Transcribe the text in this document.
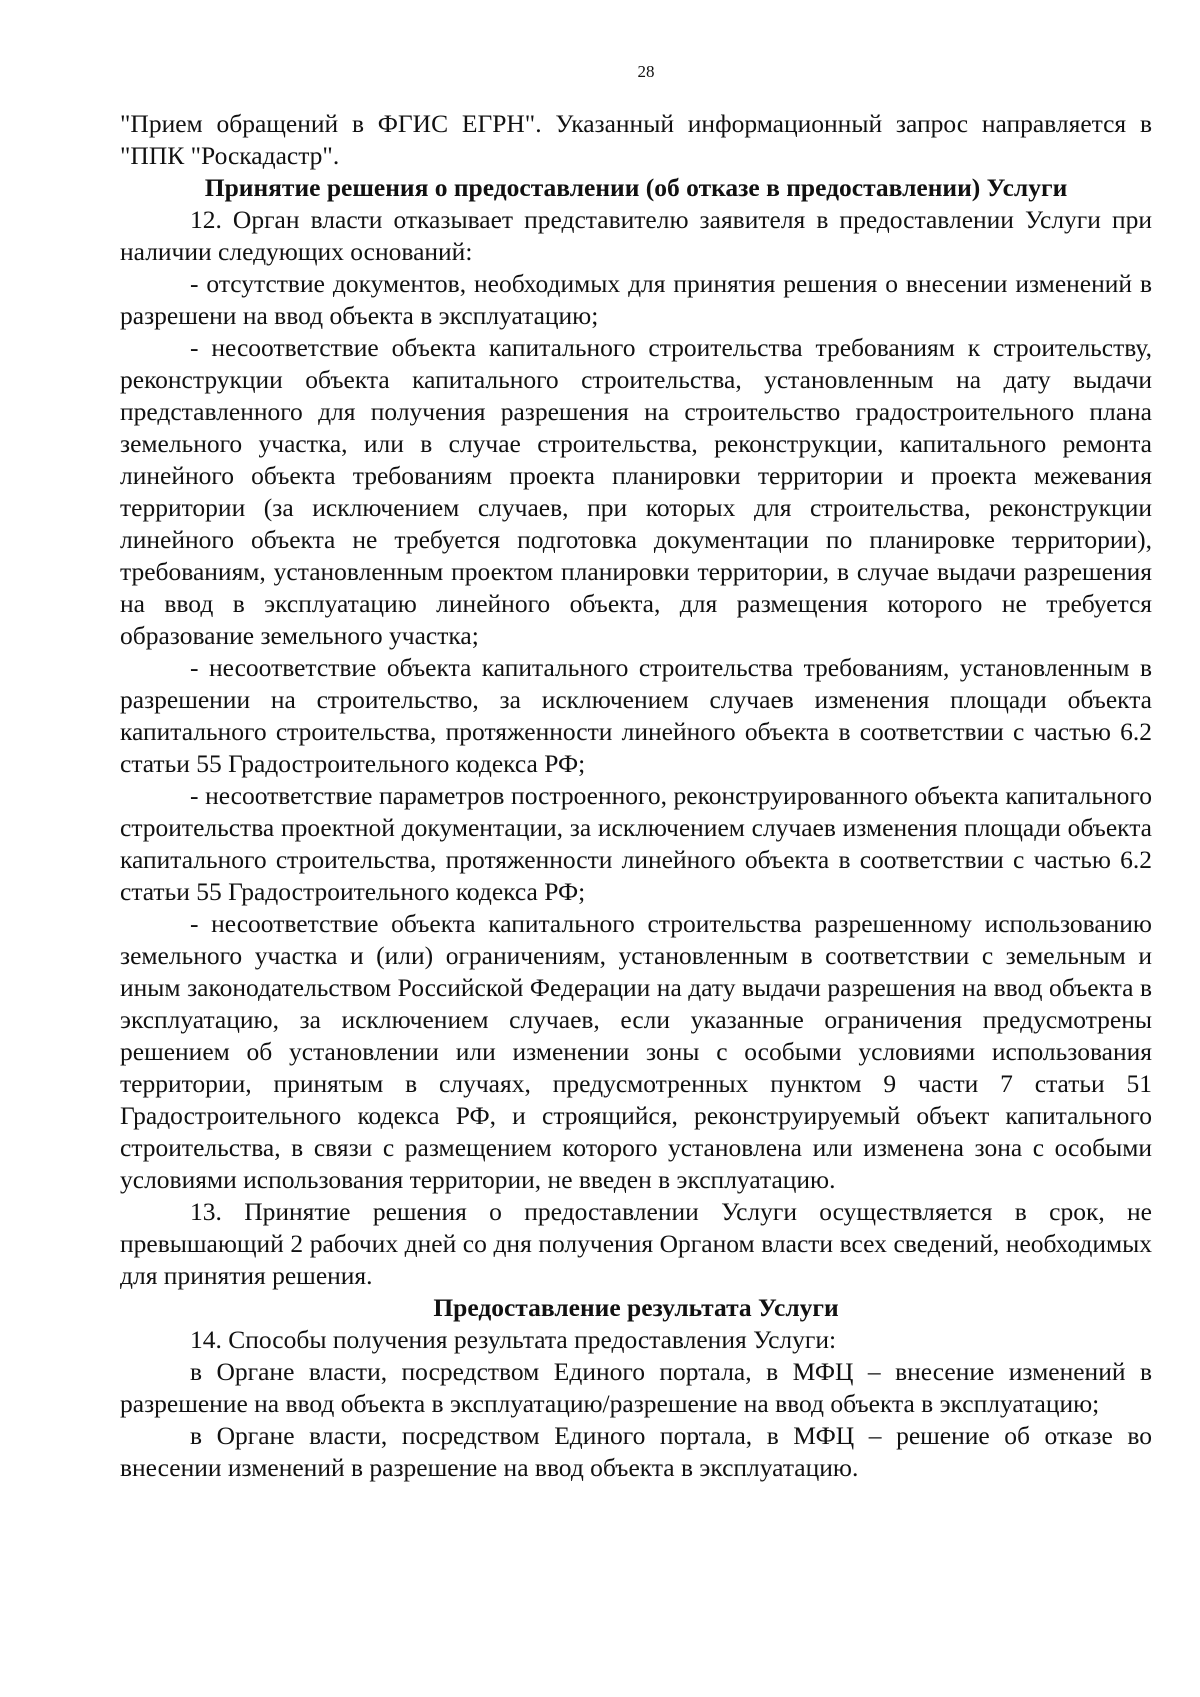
28

"Прием обращений в ФГИС ЕГРН". Указанный информационный запрос направляется в "ППК "Роскадастр".

Принятие решения о предоставлении (об отказе в предоставлении) Услуги

12. Орган власти отказывает представителю заявителя в предоставлении Услуги при наличии следующих оснований:

- отсутствие документов, необходимых для принятия решения о внесении изменений в разрешени на ввод объекта в эксплуатацию;

- несоответствие объекта капитального строительства требованиям к строительству, реконструкции объекта капитального строительства, установленным на дату выдачи представленного для получения разрешения на строительство градостроительного плана земельного участка, или в случае строительства, реконструкции, капитального ремонта линейного объекта требованиям проекта планировки территории и проекта межевания территории (за исключением случаев, при которых для строительства, реконструкции линейного объекта не требуется подготовка документации по планировке территории), требованиям, установленным проектом планировки территории, в случае выдачи разрешения на ввод в эксплуатацию линейного объекта, для размещения которого не требуется образование земельного участка;

- несоответствие объекта капитального строительства требованиям, установленным в разрешении на строительство, за исключением случаев изменения площади объекта капитального строительства, протяженности линейного объекта в соответствии с частью 6.2 статьи 55 Градостроительного кодекса РФ;

- несоответствие параметров построенного, реконструированного объекта капитального строительства проектной документации, за исключением случаев изменения площади объекта капитального строительства, протяженности линейного объекта в соответствии с частью 6.2 статьи 55 Градостроительного кодекса РФ;

- несоответствие объекта капитального строительства разрешенному использованию земельного участка и (или) ограничениям, установленным в соответствии с земельным и иным законодательством Российской Федерации на дату выдачи разрешения на ввод объекта в эксплуатацию, за исключением случаев, если указанные ограничения предусмотрены решением об установлении или изменении зоны с особыми условиями использования территории, принятым в случаях, предусмотренных пунктом 9 части 7 статьи 51 Градостроительного кодекса РФ, и строящийся, реконструируемый объект капитального строительства, в связи с размещением которого установлена или изменена зона с особыми условиями использования территории, не введен в эксплуатацию.

13. Принятие решения о предоставлении Услуги осуществляется в срок, не превышающий 2 рабочих дней со дня получения Органом власти всех сведений, необходимых для принятия решения.

Предоставление результата Услуги

14. Способы получения результата предоставления Услуги:

в Органе власти, посредством Единого портала, в МФЦ – внесение изменений в разрешение на ввод объекта в эксплуатацию/разрешение на ввод объекта в эксплуатацию;

в Органе власти, посредством Единого портала, в МФЦ – решение об отказе во внесении изменений в разрешение на ввод объекта в эксплуатацию.
